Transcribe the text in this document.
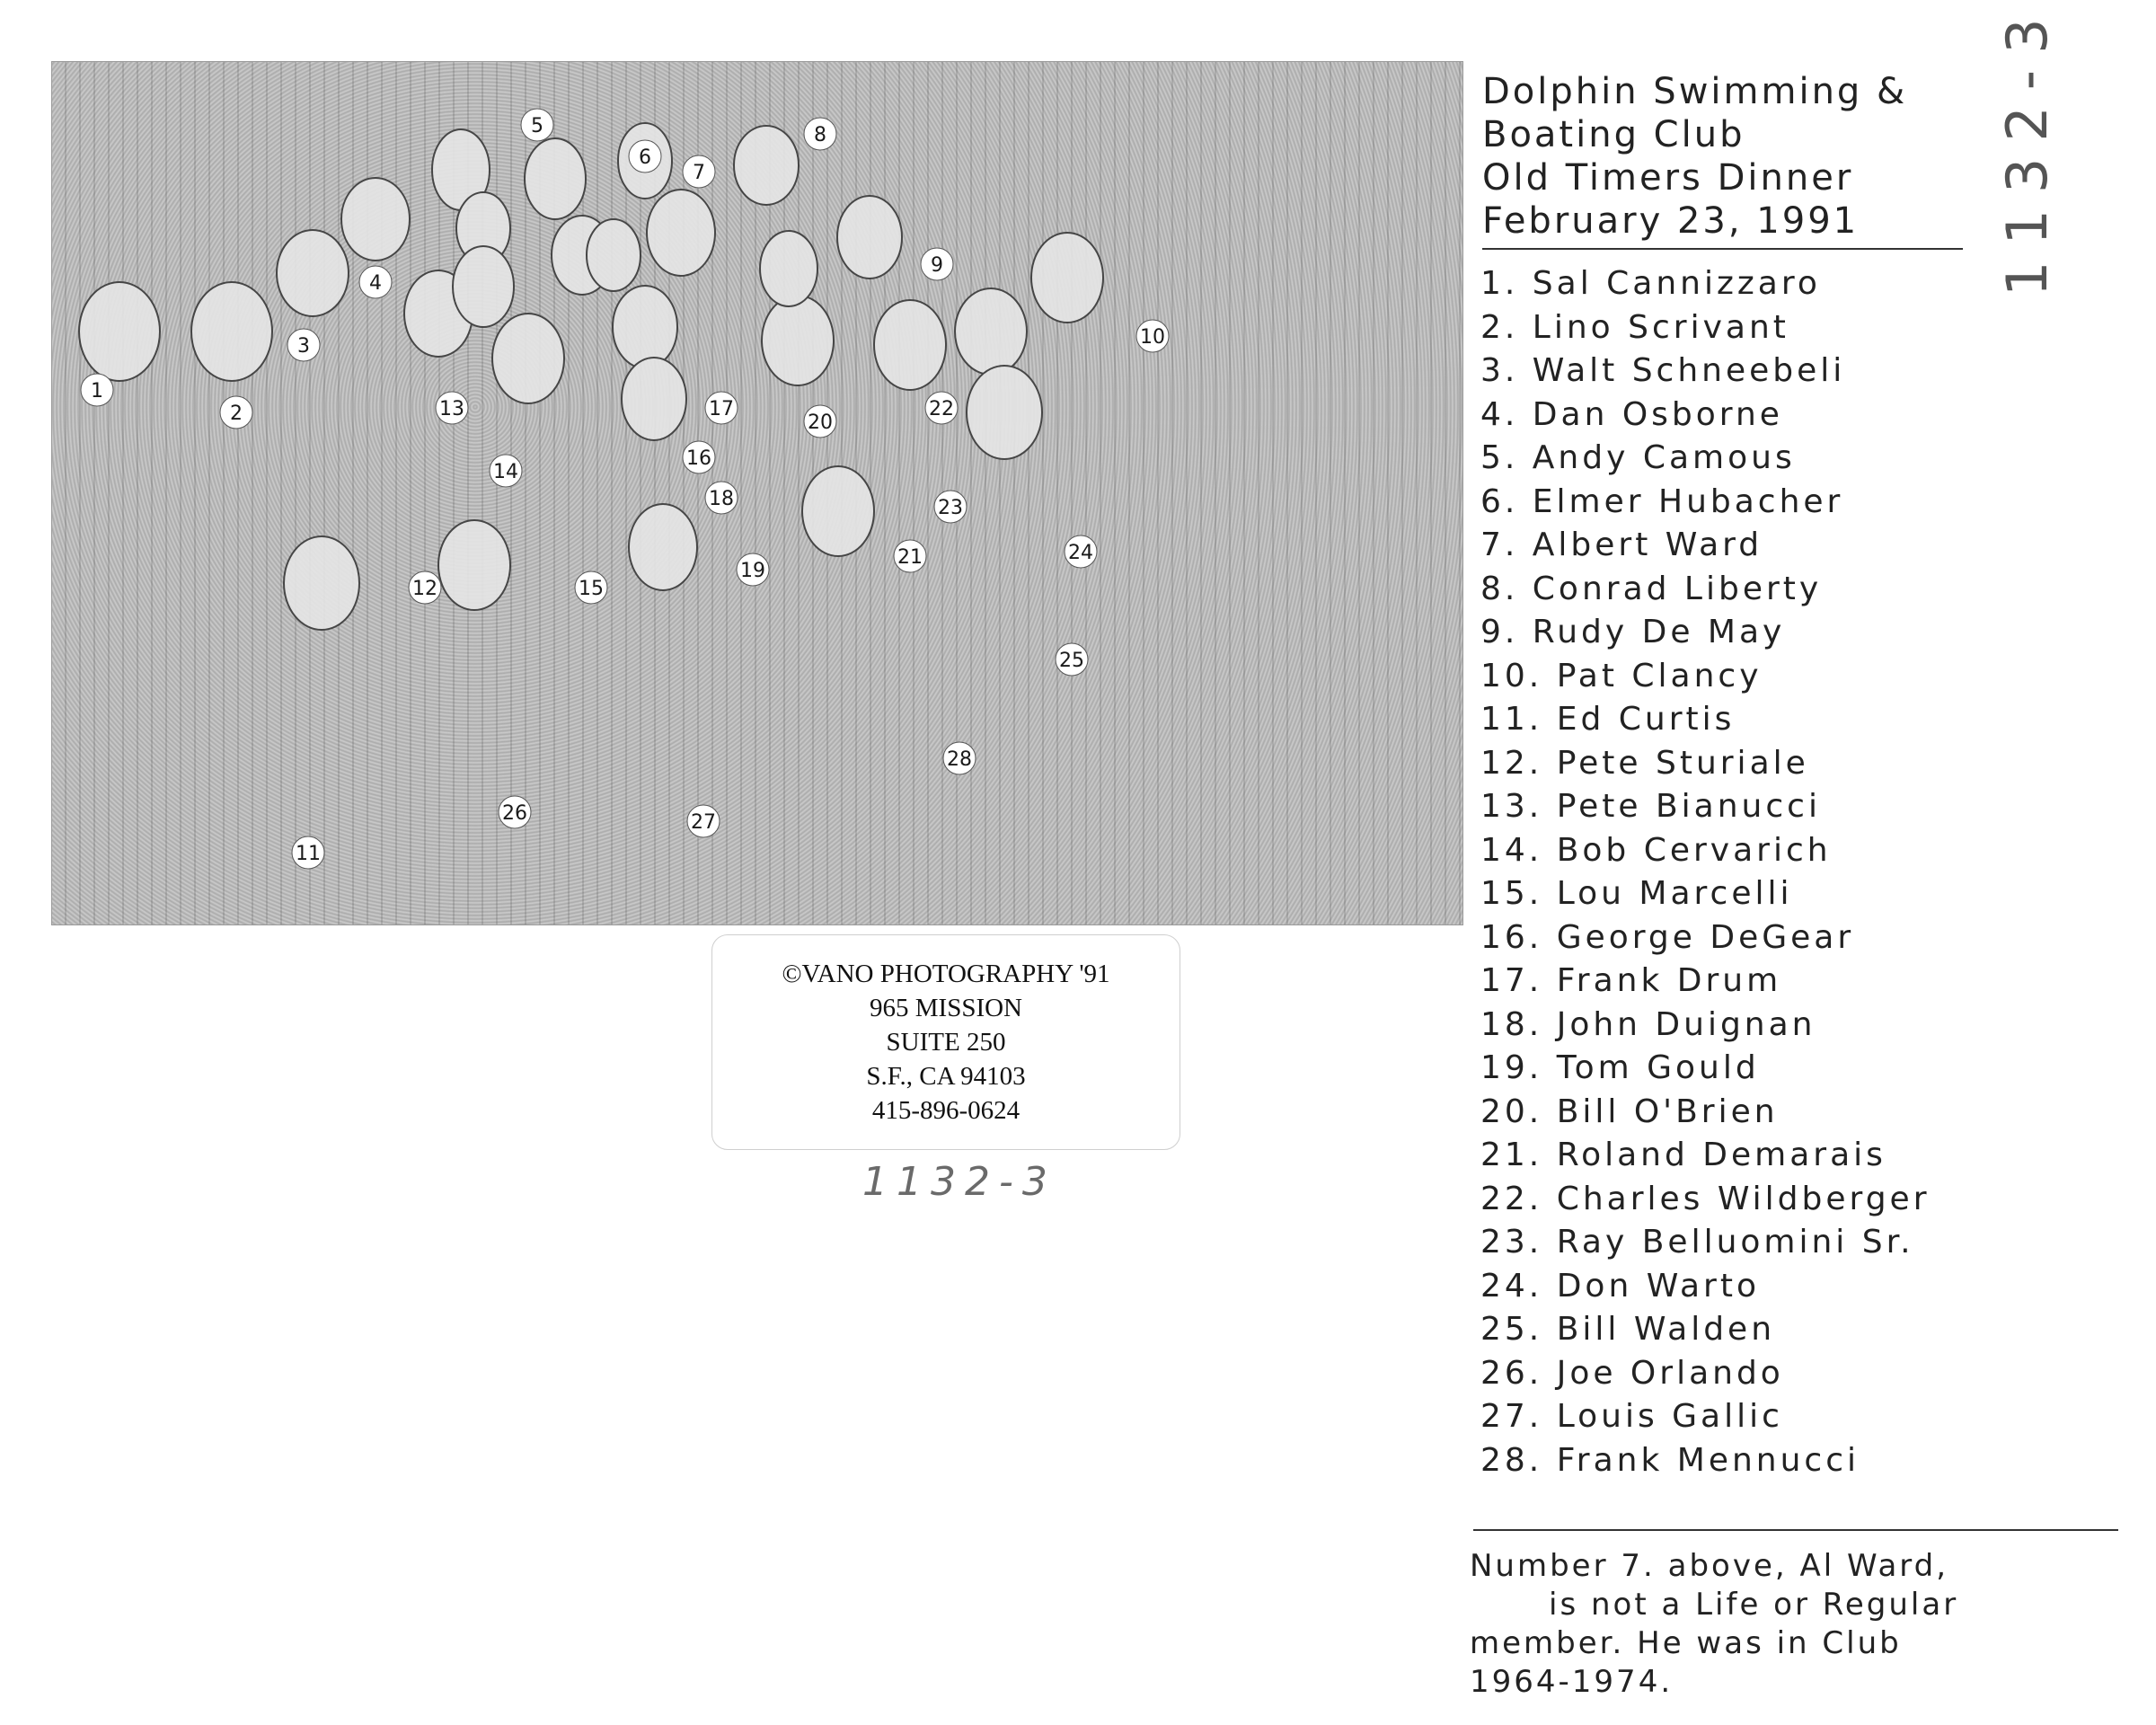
1
2
3
4
5
6
7
8
9
10
11
12
13
14
15
16
17
18
19
20
21
22
23
24
25
26	27
28
©VANO PHOTOGRAPHY '91
965 MISSION
SUITE 250
S.F., CA 94103
415-896-0624
1132-3
1132-3
Dolphin Swimming &
Boating Club
Old Timers Dinner
February 23, 1991
1. Sal Cannizzaro
2. Lino Scrivant
3. Walt Schneebeli
4. Dan Osborne
5. Andy Camous
6. Elmer Hubacher
7. Albert Ward
8. Conrad Liberty
9. Rudy De May
10. Pat Clancy
11. Ed Curtis
12. Pete Sturiale
13. Pete Bianucci
14. Bob Cervarich
15. Lou Marcelli
16. George DeGear
17. Frank Drum
18. John Duignan
19. Tom Gould
20. Bill O'Brien
21. Roland Demarais
22. Charles Wildberger
23. Ray Belluomini Sr.
24. Don Warto
25. Bill Walden
26. Joe Orlando
27. Louis Gallic
28. Frank Mennucci
Number 7. above, Al Ward,
is not a Life or Regular
member. He was in Club
1964-1974.
